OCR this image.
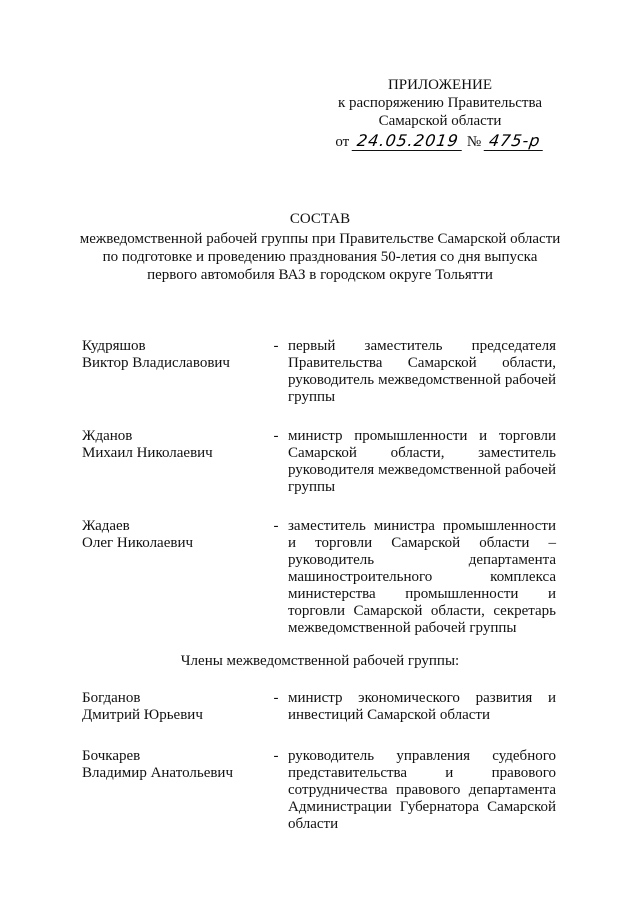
ПРИЛОЖЕНИЕ
к распоряжению Правительства
Самарской области
от 24.05.2019 № 475-р
СОСТАВ
межведомственной рабочей группы при Правительстве Самарской области
по подготовке и проведению празднования 50-летия со дня выпуска
первого автомобиля ВАЗ в городском округе Тольятти
Кудряшов
Виктор Владиславович
- первый заместитель председателя Правительства Самарской области, руководитель межведомственной рабочей группы
Жданов
Михаил Николаевич
- министр промышленности и торговли Самарской области, заместитель руководителя межведомственной рабочей группы
Жадаев
Олег Николаевич
- заместитель министра промышленности и торговли Самарской области – руководитель департамента машиностроительного комплекса министерства промышленности и торговли Самарской области, секретарь межведомственной рабочей группы
Члены межведомственной рабочей группы:
Богданов
Дмитрий Юрьевич
- министр экономического развития и инвестиций Самарской области
Бочкарев
Владимир Анатольевич
- руководитель управления судебного представительства и правового сотрудничества правового департамента Администрации Губернатора Самарской области
